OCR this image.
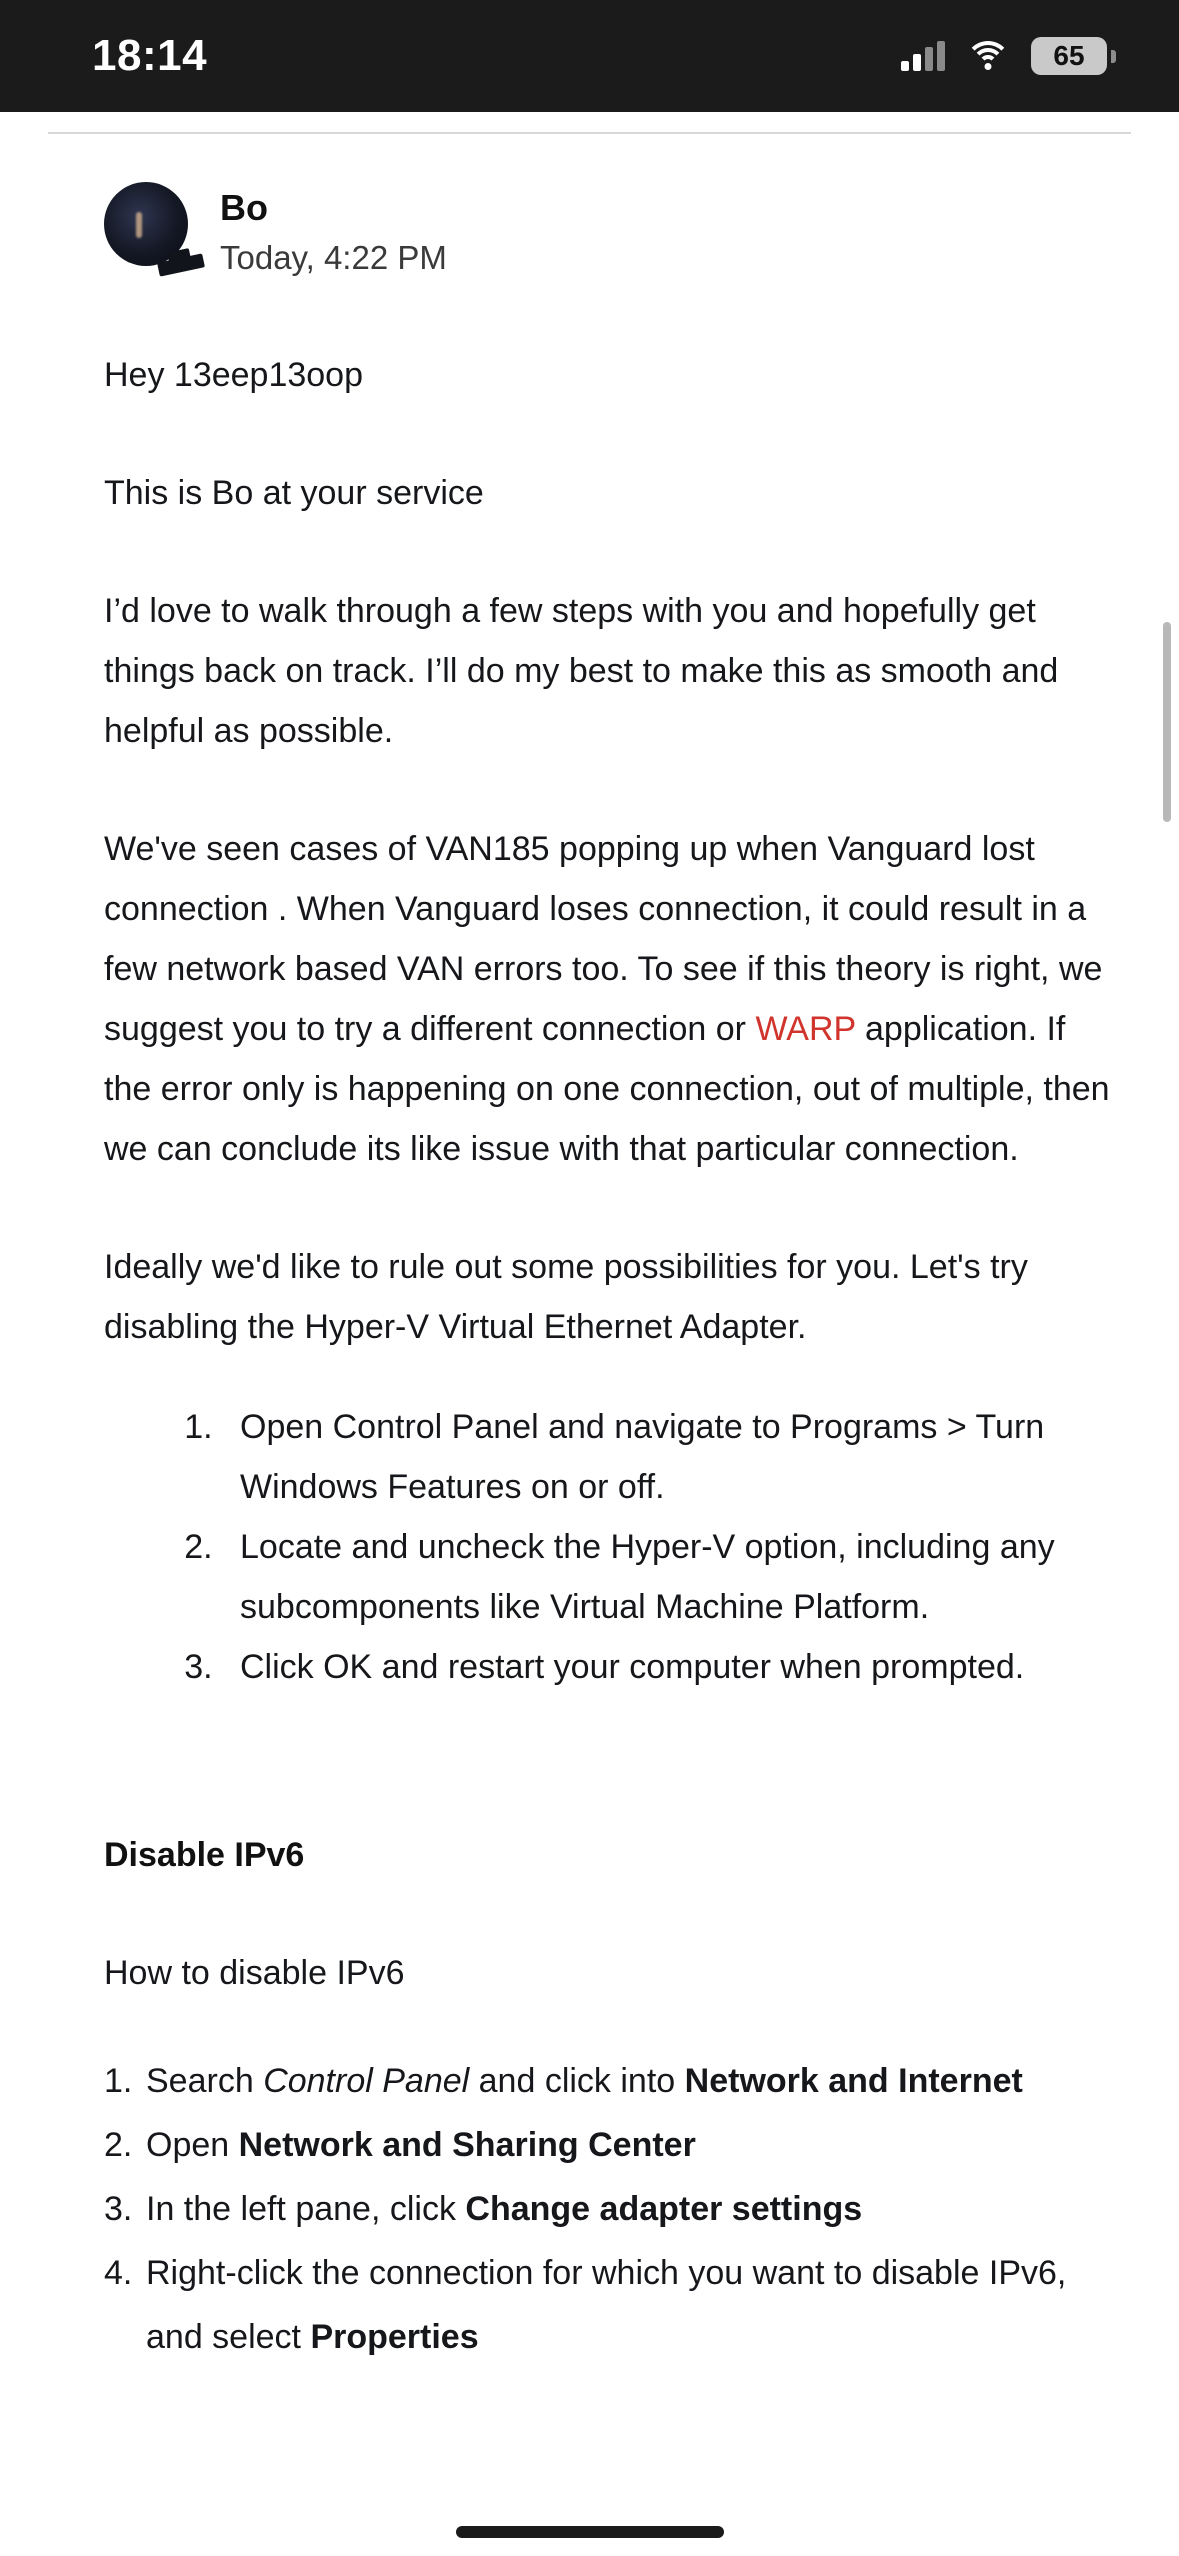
18:14	65
Bo
Today, 4:22 PM

Hey 13eep13oop

This is Bo at your service

I’d love to walk through a few steps with you and hopefully get things back on track. I’ll do my best to make this as smooth and helpful as possible.

We've seen cases of VAN185 popping up when Vanguard lost connection . When Vanguard loses connection, it could result in a few network based VAN errors too. To see if this theory is right, we suggest you to try a different connection or WARP application. If the error only is happening on one connection, out of multiple, then we can conclude its like issue with that particular connection.

Ideally we'd like to rule out some possibilities for you. Let's try disabling the Hyper-V Virtual Ethernet Adapter.

1. Open Control Panel and navigate to Programs > Turn Windows Features on or off.
2. Locate and uncheck the Hyper-V option, including any subcomponents like Virtual Machine Platform.
3. Click OK and restart your computer when prompted.
Disable IPv6

How to disable IPv6

1. Search Control Panel and click into Network and Internet
2. Open Network and Sharing Center
3. In the left pane, click Change adapter settings
4. Right-click the connection for which you want to disable IPv6, and select Properties
